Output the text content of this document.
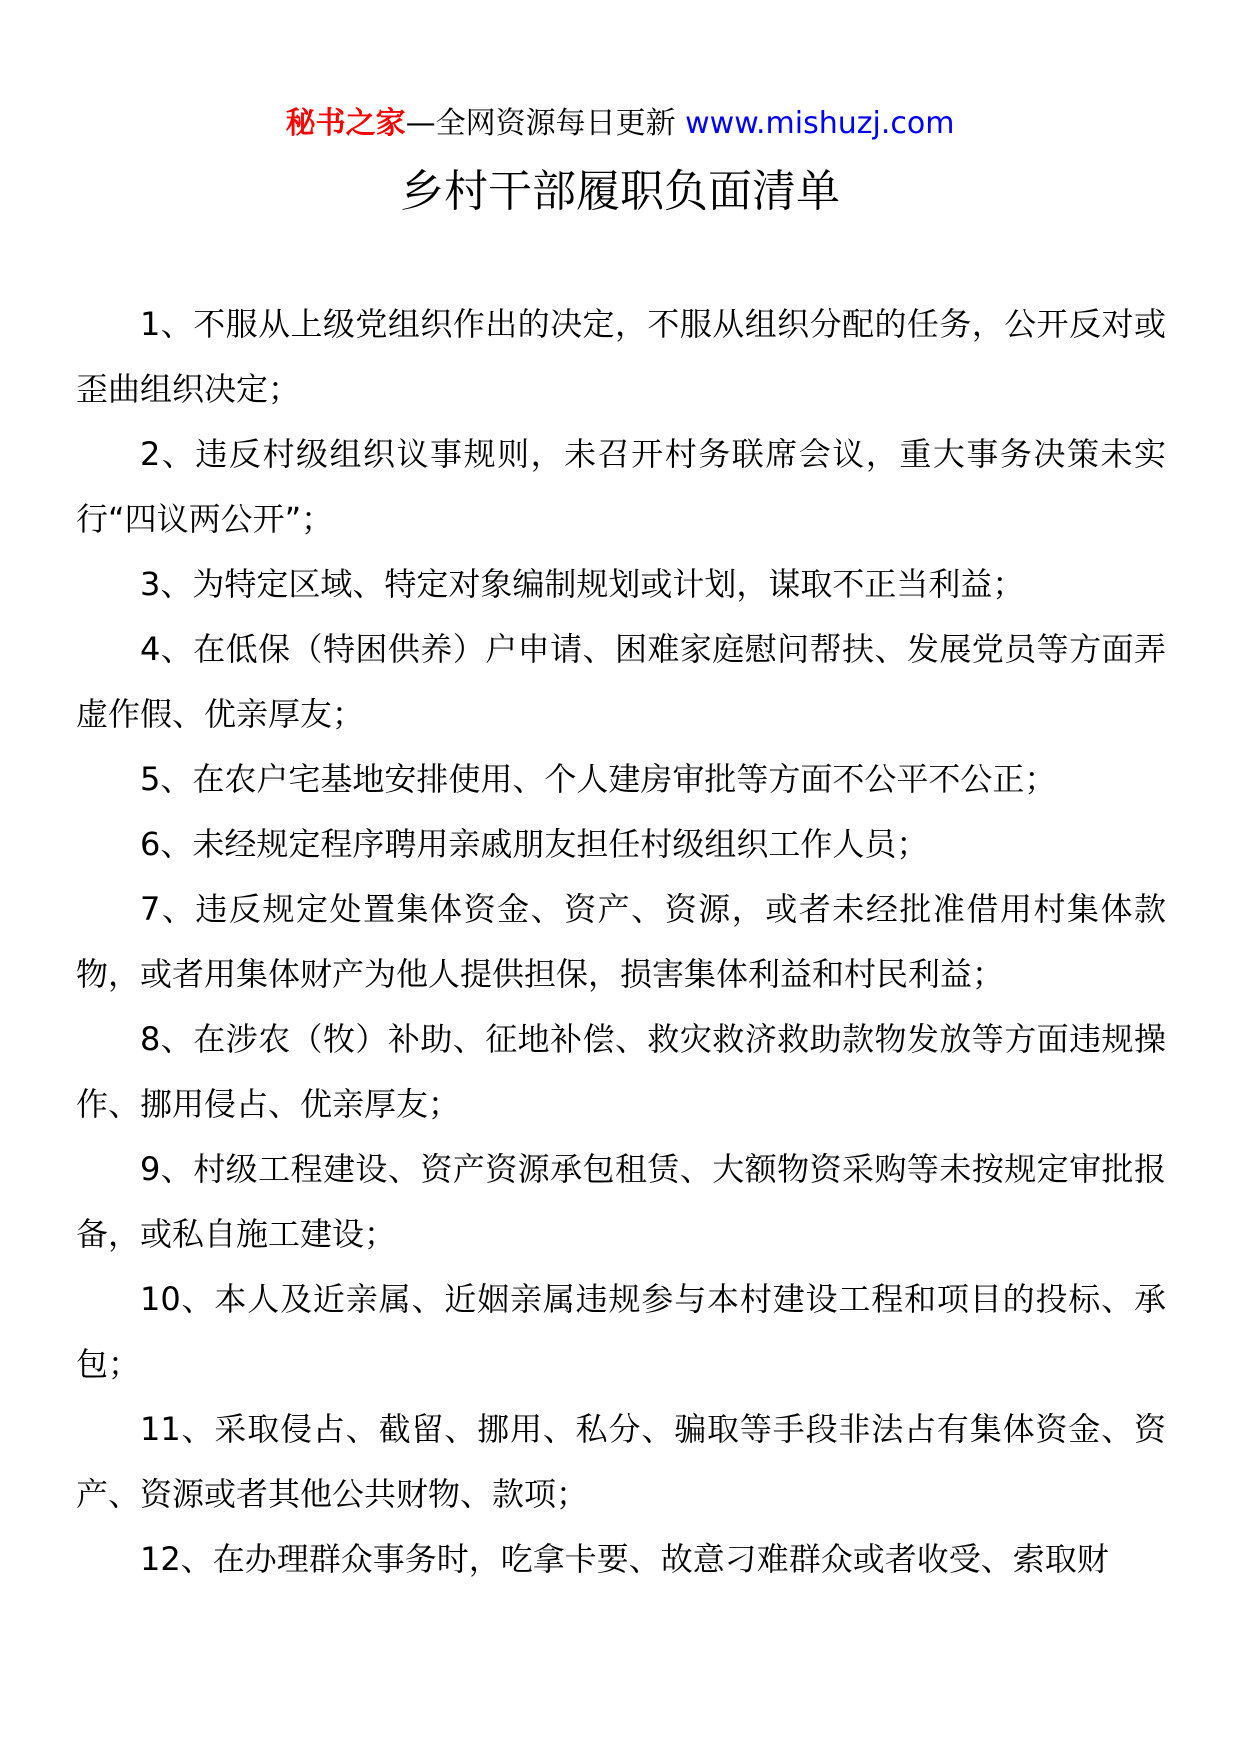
秘书之家—全网资源每日更新 www.mishuzj.com
乡村干部履职负面清单

1、不服从上级党组织作出的决定，不服从组织分配的任务，公开反对或歪曲组织决定；

2、违反村级组织议事规则，未召开村务联席会议，重大事务决策未实行“四议两公开”；

3、为特定区域、特定对象编制规划或计划，谋取不正当利益；

4、在低保（特困供养）户申请、困难家庭慰问帮扶、发展党员等方面弄虚作假、优亲厚友；

5、在农户宅基地安排使用、个人建房审批等方面不公平不公正；

6、未经规定程序聘用亲戚朋友担任村级组织工作人员；

7、违反规定处置集体资金、资产、资源，或者未经批准借用村集体款物，或者用集体财产为他人提供担保，损害集体利益和村民利益；

8、在涉农（牧）补助、征地补偿、救灾救济救助款物发放等方面违规操作、挪用侵占、优亲厚友；

9、村级工程建设、资产资源承包租赁、大额物资采购等未按规定审批报备，或私自施工建设；

10、本人及近亲属、近姻亲属违规参与本村建设工程和项目的投标、承包；

11、采取侵占、截留、挪用、私分、骗取等手段非法占有集体资金、资产、资源或者其他公共财物、款项；

12、在办理群众事务时，吃拿卡要、故意刁难群众或者收受、索取财
